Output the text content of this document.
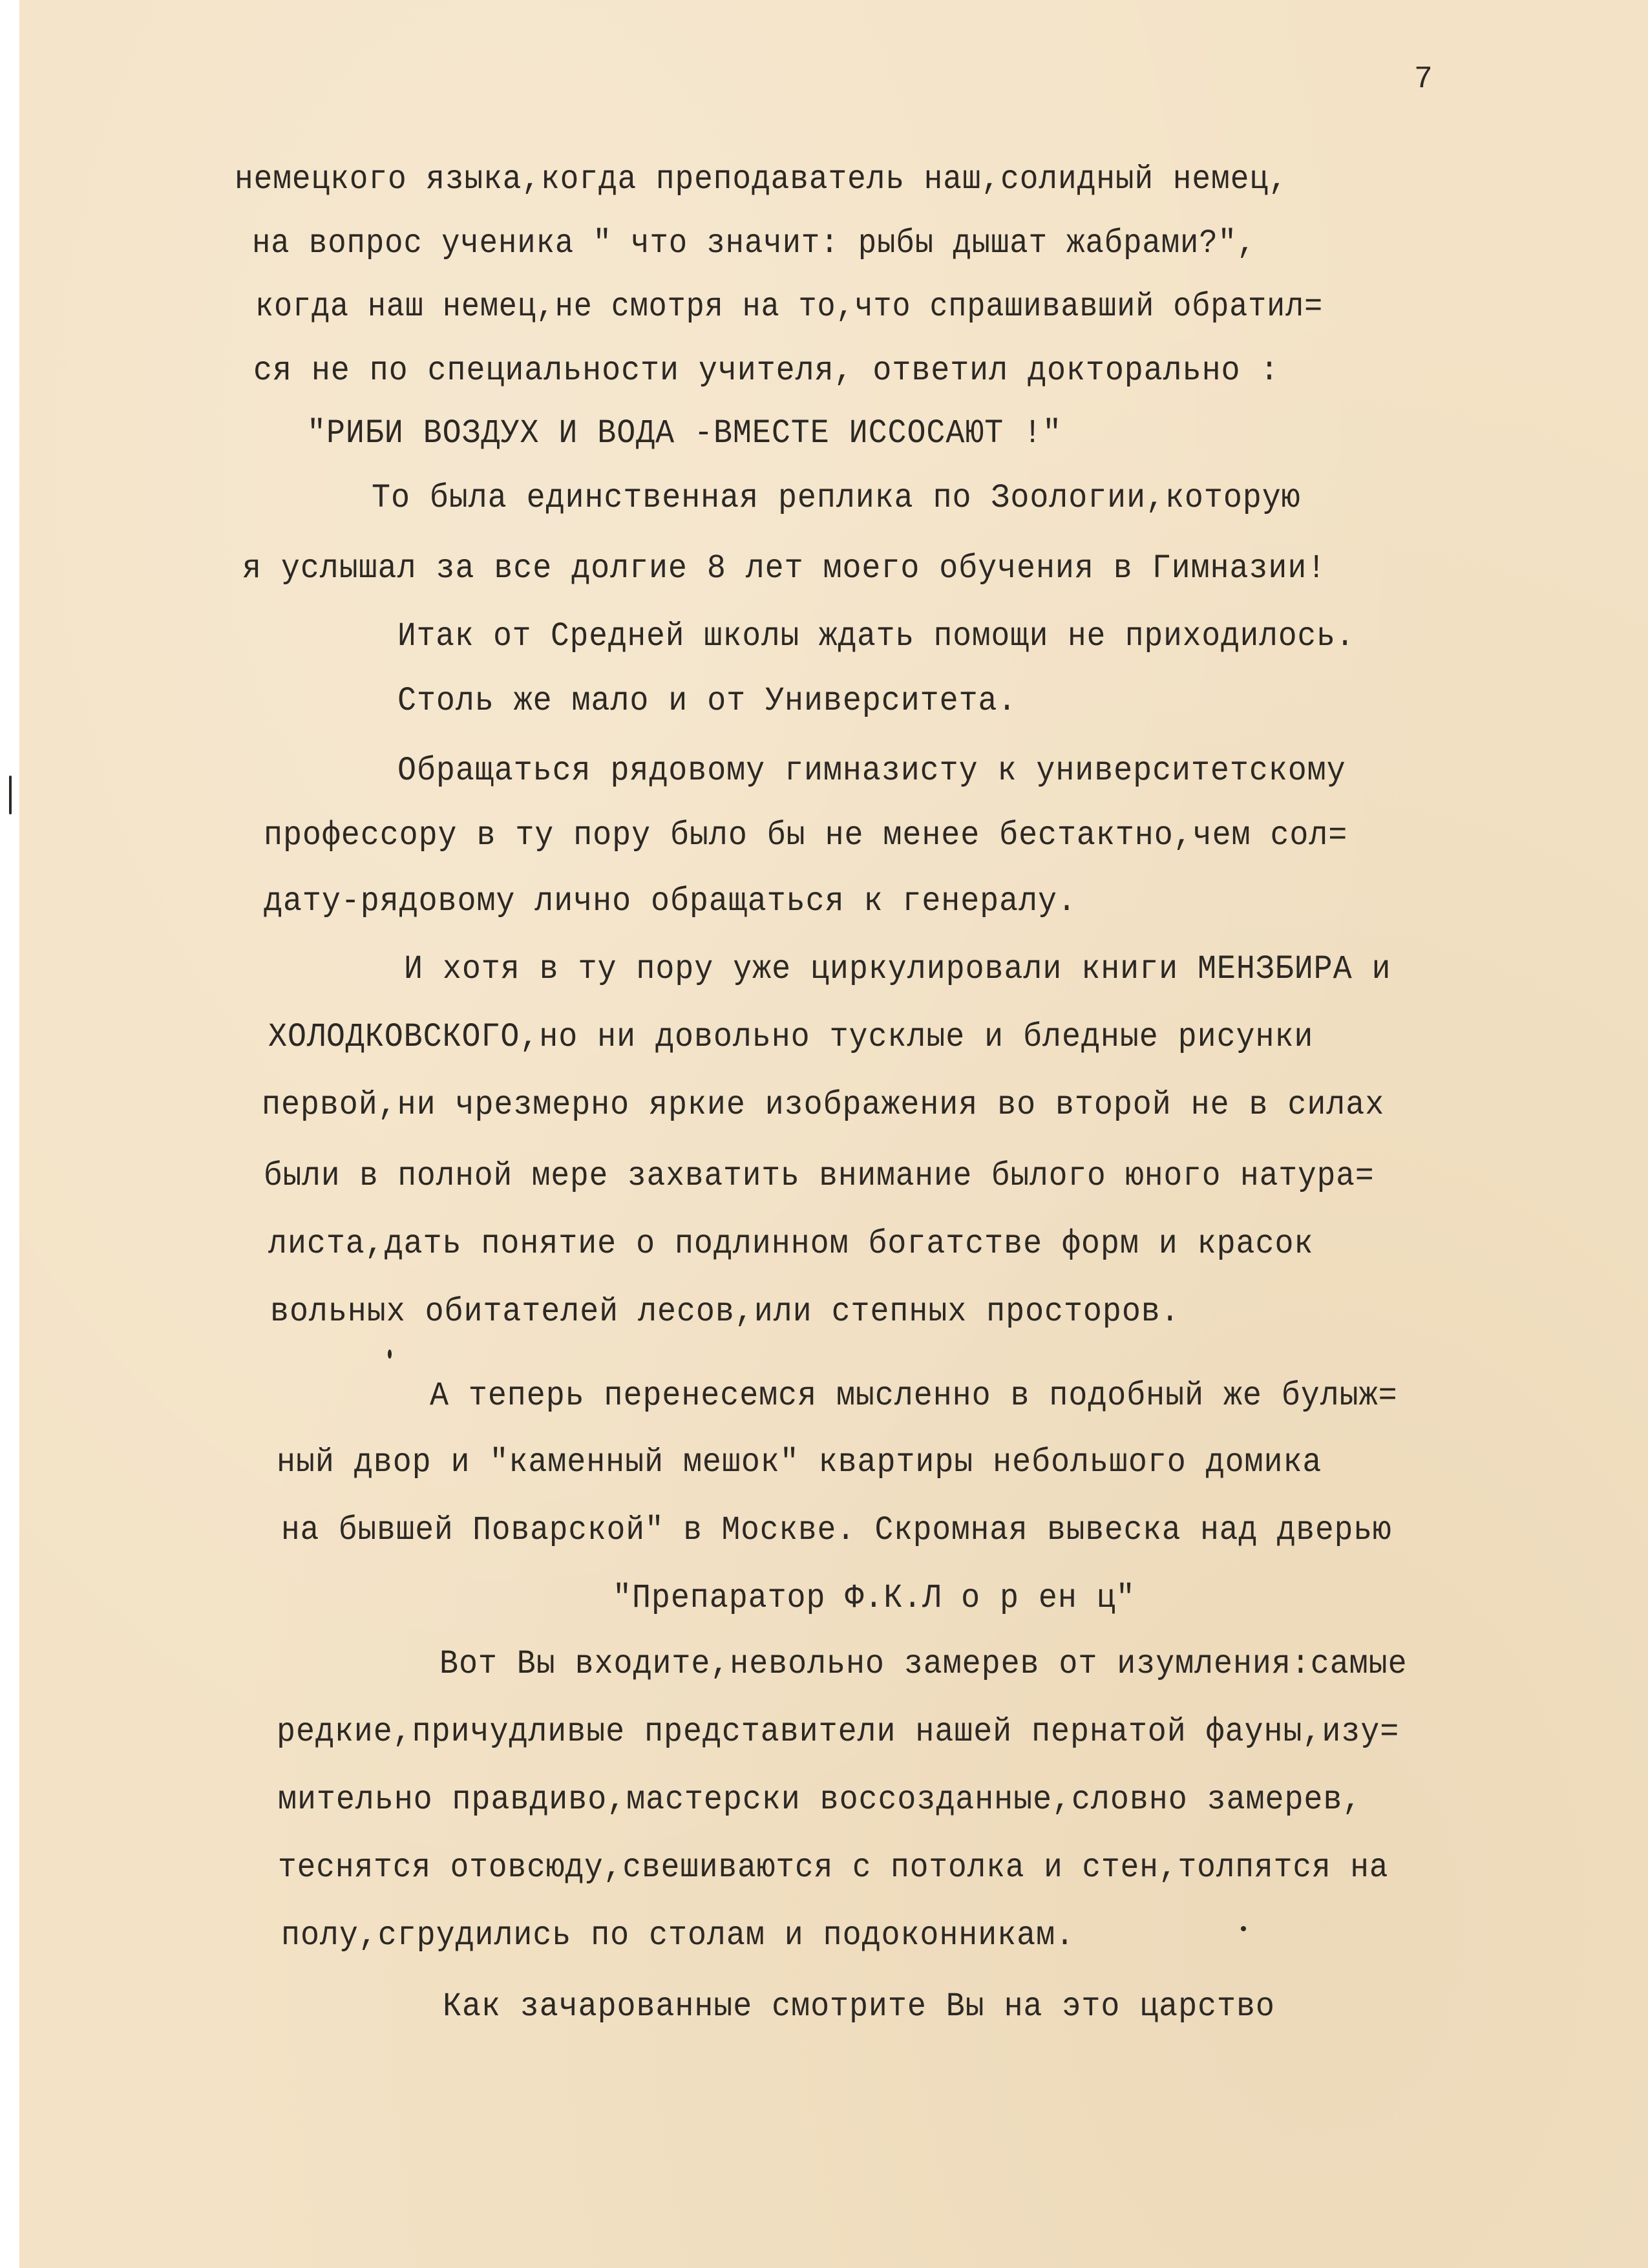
7
немецкого языка,когда преподаватель наш,солидный немец,
на вопрос ученика " что значит: рыбы дышат жабрами?",
когда наш немец,не смотря на то,что спрашивавший обратил=
ся не по специальности учителя, ответил докторально :
"РИБИ ВОЗДУХ И ВОДА -ВМЕСТЕ ИССОСАЮТ !"
То была единственная реплика по Зоологии,которую
я услышал за все долгие 8 лет моего обучения в Гимназии!
Итак от Средней школы ждать помощи не приходилось.
Столь же мало и от Университета.
Обращаться рядовому гимназисту к университетскому
профессору в ту пору было бы не менее бестактно,чем сол=
дату-рядовому лично обращаться к генералу.
И хотя в ту пору уже циркулировали книги МЕНЗБИРА и
ХОЛОДКОВСКОГО,но ни довольно тусклые и бледные рисунки
первой,ни чрезмерно яркие изображения во второй не в силах
были в полной мере захватить внимание былого юного натура=
листа,дать понятие о подлинном богатстве форм и красок
вольных обитателей лесов,или степных просторов.
А теперь перенесемся мысленно в подобный же булыж=
ный двор и "каменный мешок" квартиры небольшого домика
на бывшей Поварской" в Москве. Скромная вывеска над дверью
"Препаратор Ф.К.Л о р ен ц"
Вот Вы входите,невольно замерев от изумления:самые
редкие,причудливые представители нашей пернатой фауны,изу=
мительно правдиво,мастерски воссозданные,словно замерев,
теснятся отовсюду,свешиваются с потолка и стен,толпятся на
полу,сгрудились по столам и подоконникам.
Как зачарованные смотрите Вы на это царство
